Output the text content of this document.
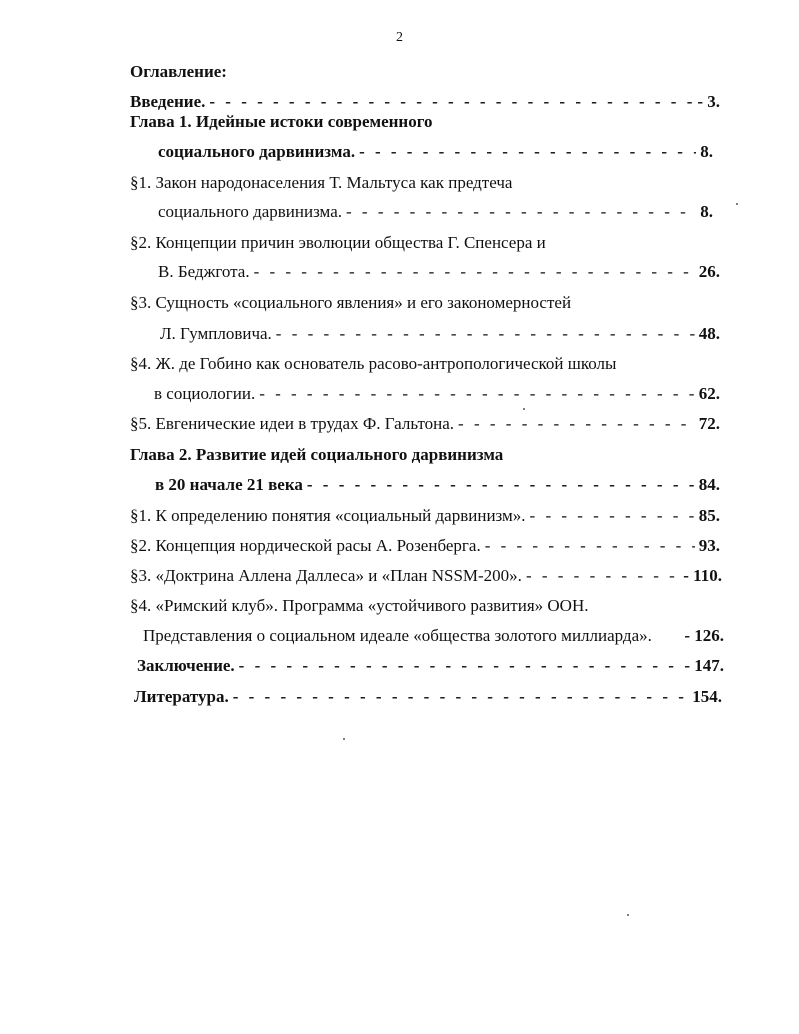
2
Оглавление:
Введение. - - -	- 3.
Глава 1. Идейные истоки современного
социального дарвинизма. - - -	8.
§1. Закон народонаселения Т. Мальтуса как предтеча
социального дарвинизма. - - -	8.
§2. Концепции причин эволюции общества Г. Спенсера и
В. Беджгота. - - -	26.
§3. Сущность «социального явления» и его закономерностей
Л. Гумпловича. - - -	48.
§4. Ж. де Гобино как основатель расово-антропологической школы
в социологии. - - -	62.
§5. Евгенические идеи в трудах Ф. Гальтона. - - -	72.
Глава 2. Развитие идей социального дарвинизма
в 20 начале 21 века - - -	84.
§1. К определению понятия «социальный дарвинизм». - - -	85.
§2. Концепция нордической расы А. Розенберга. - - -	93.
§3. «Доктрина Аллена Даллеса» и «План NSSM-200». - - -	- 110.
§4. «Римский клуб». Программа «устойчивого развития» ООН.
Представления о социальном идеале «общества золотого миллиарда». - 126.
Заключение. - - -	- 147.
Литература. - - -	154.
